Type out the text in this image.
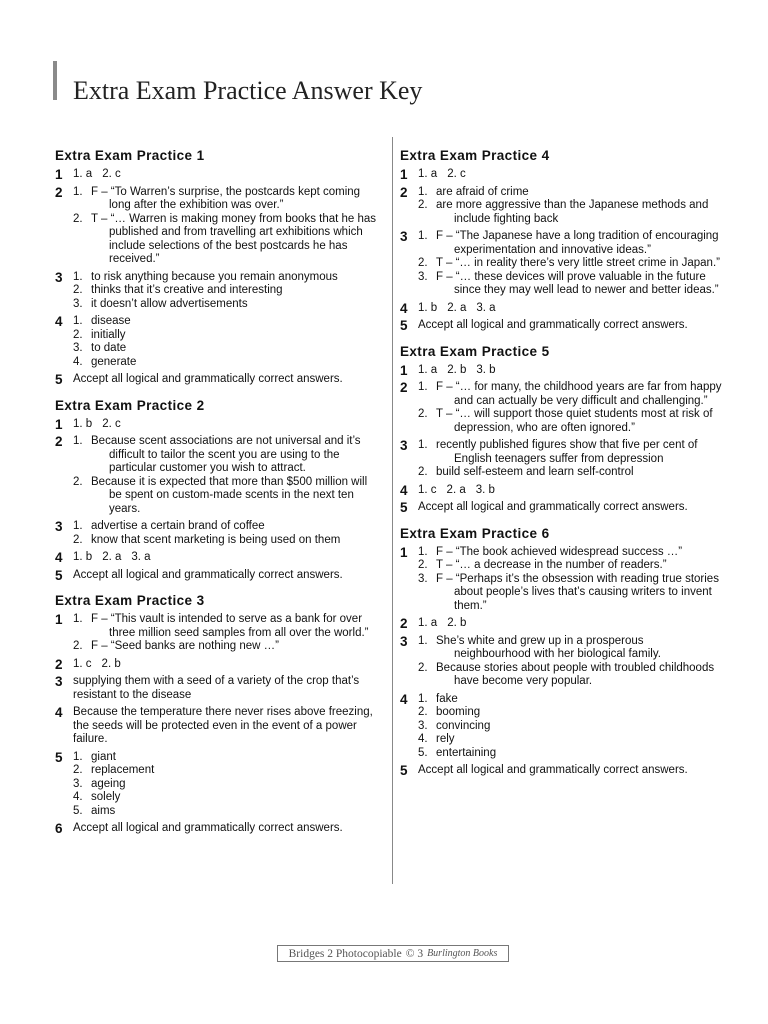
Extra Exam Practice Answer Key
Extra Exam Practice 1
1 1. a 2. c
2 1. F – “To Warren’s surprise, the postcards kept coming long after the exhibition was over.”
2. T – “… Warren is making money from books that he has published and from travelling art exhibitions which include selections of the best postcards he has received.”
3 1. to risk anything because you remain anonymous
2. thinks that it’s creative and interesting
3. it doesn’t allow advertisements
4 1. disease
2. initially
3. to date
4. generate
5 Accept all logical and grammatically correct answers.
Extra Exam Practice 2
1 1. b 2. c
2 1. Because scent associations are not universal and it’s difficult to tailor the scent you are using to the particular customer you wish to attract.
2. Because it is expected that more than $500 million will be spent on custom-made scents in the next ten years.
3 1. advertise a certain brand of coffee
2. know that scent marketing is being used on them
4 1. b 2. a 3. a
5 Accept all logical and grammatically correct answers.
Extra Exam Practice 3
1 1. F – “This vault is intended to serve as a bank for over three million seed samples from all over the world.”
2. F – “Seed banks are nothing new …”
2 1. c 2. b
3 supplying them with a seed of a variety of the crop that’s resistant to the disease
4 Because the temperature there never rises above freezing, the seeds will be protected even in the event of a power failure.
5 1. giant
2. replacement
3. ageing
4. solely
5. aims
6 Accept all logical and grammatically correct answers.
Extra Exam Practice 4
1 1. a 2. c
2 1. are afraid of crime
2. are more aggressive than the Japanese methods and include fighting back
3 1. F – “The Japanese have a long tradition of encouraging experimentation and innovative ideas.”
2. T – “… in reality there’s very little street crime in Japan.”
3. F – “… these devices will prove valuable in the future since they may well lead to newer and better ideas.”
4 1. b 2. a 3. a
5 Accept all logical and grammatically correct answers.
Extra Exam Practice 5
1 1. a 2. b 3. b
2 1. F – “… for many, the childhood years are far from happy and can actually be very difficult and challenging.”
2. T – “… will support those quiet students most at risk of depression, who are often ignored.”
3 1. recently published figures show that five per cent of English teenagers suffer from depression
2. build self-esteem and learn self-control
4 1. c 2. a 3. b
5 Accept all logical and grammatically correct answers.
Extra Exam Practice 6
1 1. F – “The book achieved widespread success …”
2. T – “… a decrease in the number of readers.”
3. F – “Perhaps it’s the obsession with reading true stories about people’s lives that’s causing writers to invent them.”
2 1. a 2. b
3 1. She’s white and grew up in a prosperous neighbourhood with her biological family.
2. Because stories about people with troubled childhoods have become very popular.
4 1. fake
2. booming
3. convincing
4. rely
5. entertaining
5 Accept all logical and grammatically correct answers.
Bridges 2 Photocopiable © 3 Burlington Books
